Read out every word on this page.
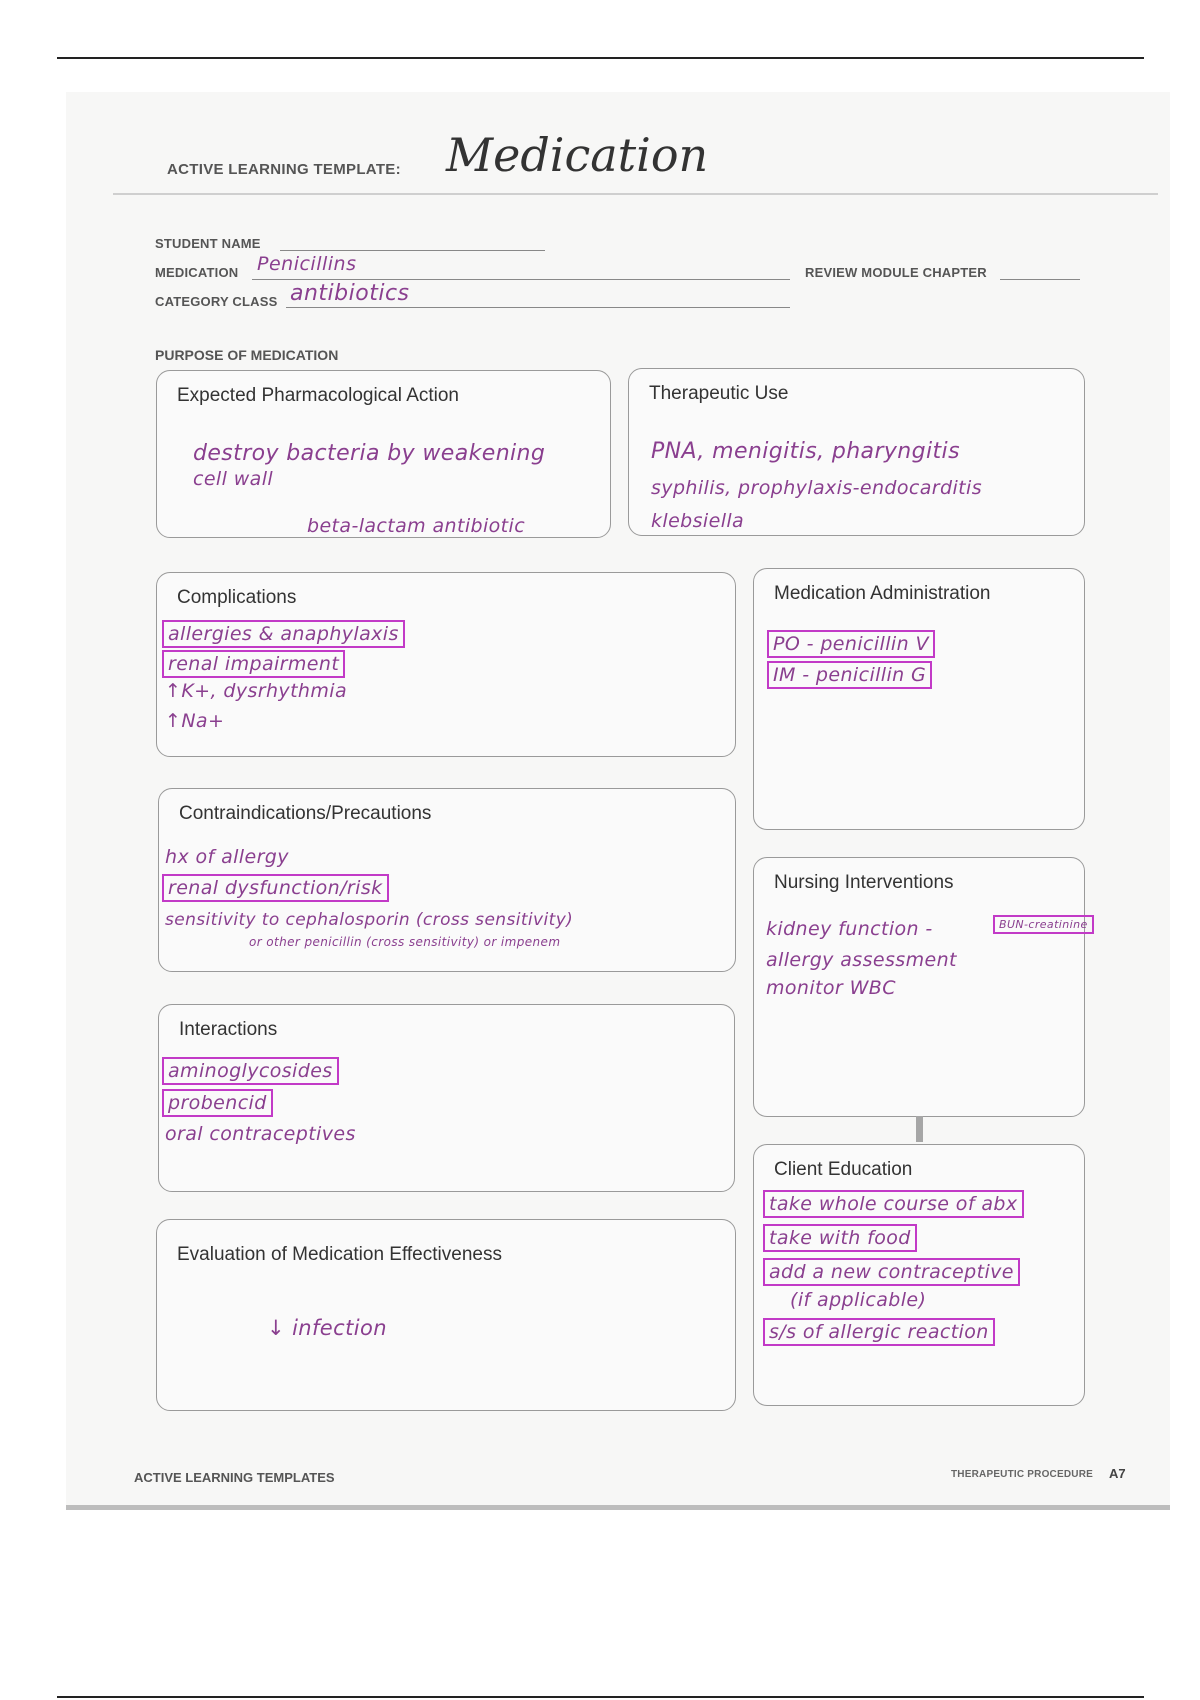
ACTIVE LEARNING TEMPLATE: Medication
STUDENT NAME
MEDICATION Penicillins	REVIEW MODULE CHAPTER
CATEGORY CLASS antibiotics
PURPOSE OF MEDICATION
Expected Pharmacological Action
destroy bacteria by weakening
cell wall
beta-lactam antibiotic
Therapeutic Use
PNA, menigitis, pharyngitis
syphilis, prophylaxis-endocarditis
klebsiella
Complications
allergies & anaphylaxis
renal impairment
↑K+, dysrhythmia
↑Na+
Medication Administration
PO - penicillin V
IM - penicillin G
Contraindications/Precautions
hx of allergy
renal dysfunction/risk
sensitivity to cephalosporin (cross sensitivity)
or other penicillin (cross sensitivity) or impenem
Nursing Interventions
kidney function -	BUN-creatinine
allergy assessment
monitor WBC
Interactions
aminoglycosides
probencid
oral contraceptives
Client Education
take whole course of abx
take with food
add a new contraceptive
(if applicable)
s/s of allergic reaction
Evaluation of Medication Effectiveness
↓ infection
ACTIVE LEARNING TEMPLATES	THERAPEUTIC PROCEDURE A7
